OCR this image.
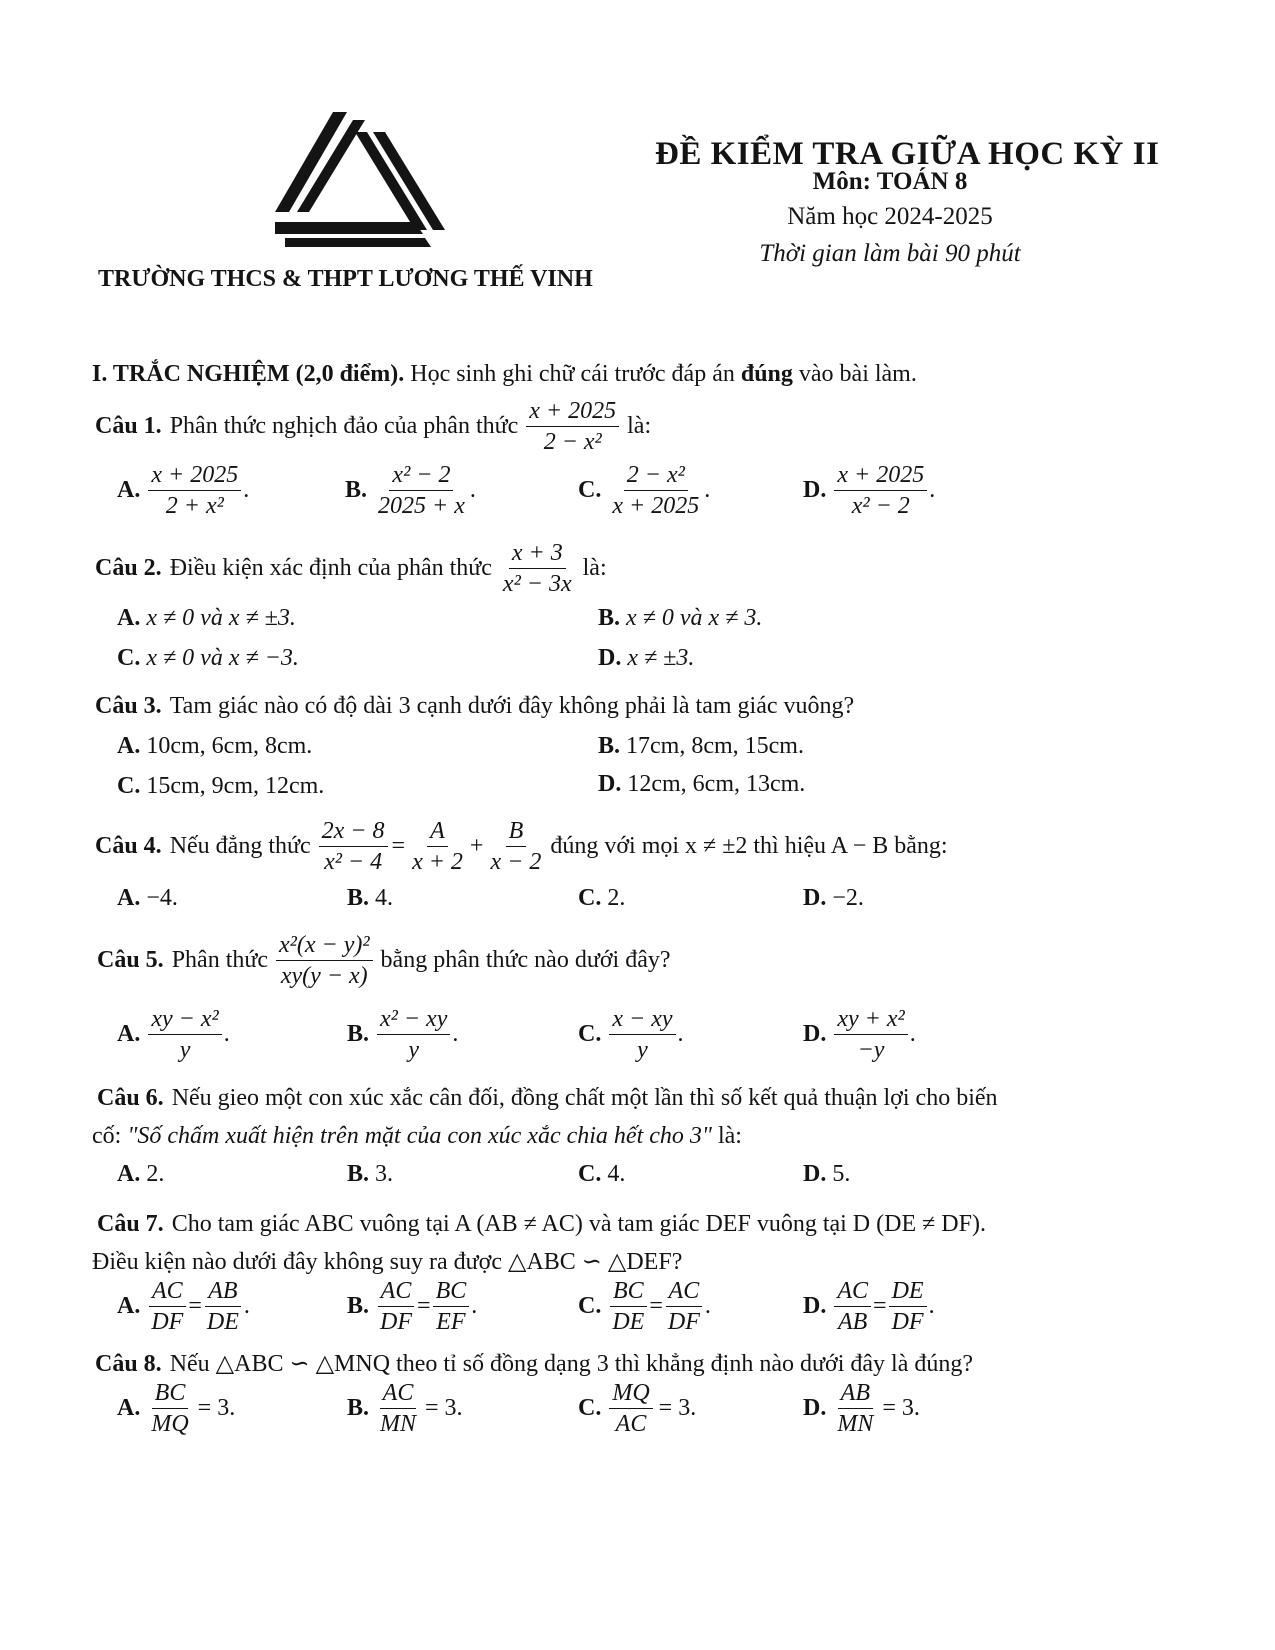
ĐỀ KIỂM TRA GIỮA HỌC KỲ II
Môn: TOÁN 8
Năm học 2024-2025
Thời gian làm bài 90 phút
TRƯỜNG THCS & THPT LƯƠNG THẾ VINH
I. TRẮC NGHIỆM (2,0 điểm). Học sinh ghi chữ cái trước đáp án đúng vào bài làm.
Câu 1. Phân thức nghịch đảo của phân thức $\frac{x + 2025}{\text{2 − x²}}$ là:
A. $\frac{x + 2025}{\text{2 + x²}}$ .	B. $\frac{\text{x² − 2}}{2025 + x}$ .	C. $\frac{\text{2 − x²}}{x + 2025}$ .	D. $\frac{x + 2025}{\text{x² − 2}}$ .
Câu 2. Điều kiện xác định của phân thức $\frac{x + 3}{\text{x² − 3x}}$ là:
A. x ≠ 0 và x ≠ ±3.	B. x ≠ 0 và x ≠ 3.
C. x ≠ 0 và x ≠ −3.	D. x ≠ ±3.
Câu 3. Tam giác nào có độ dài 3 cạnh dưới đây không phải là tam giác vuông?
A. 10cm, 6cm, 8cm.	B. 17cm, 8cm, 15cm.
C. 15cm, 9cm, 12cm.	D. 12cm, 6cm, 13cm.
Câu 4. Nếu đẳng thức $\frac{2x - 8}{\text{x² − 4}} = \frac{A}{x + 2} + \frac{B}{x - 2}$ đúng với mọi x ≠ ±2 thì hiệu A − B bằng:
A. −4.	B. 4.	C. 2.	D. −2.
Câu 5. Phân thức $\frac{\text{x²(x − y)²}}{xy(y - x)}$ bằng phân thức nào dưới đây?
A. $\frac{\text{xy − x²}}{y}$ .	B. $\frac{\text{x² − xy}}{y}$ .	C. $\frac{x - xy}{y}$ .	D. $\frac{\text{xy + x²}}{-y}$ .
Câu 6. Nếu gieo một con xúc xắc cân đối, đồng chất một lần thì số kết quả thuận lợi cho biến
cố: "Số chấm xuất hiện trên mặt của con xúc xắc chia hết cho 3" là:
A. 2.	B. 3.	C. 4.	D. 5.
Câu 7. Cho tam giác ABC vuông tại A (AB ≠ AC) và tam giác DEF vuông tại D (DE ≠ DF).
Điều kiện nào dưới đây không suy ra được △ABC ∽ △DEF?
A. $\frac{AC}{DF} = \frac{AB}{DE}$ .	B. $\frac{AC}{DF} = \frac{BC}{EF}$ .	C. $\frac{BC}{DE} = \frac{AC}{DF}$ .	D. $\frac{AC}{AB} = \frac{DE}{DF}$ .
Câu 8. Nếu △ABC ∽ △MNQ theo tỉ số đồng dạng 3 thì khẳng định nào dưới đây là đúng?
A. $\frac{BC}{MQ} = 3$.	B. $\frac{AC}{MN} = 3$.	C. $\frac{MQ}{AC} = 3$.	D. $\frac{AB}{MN} = 3$.
